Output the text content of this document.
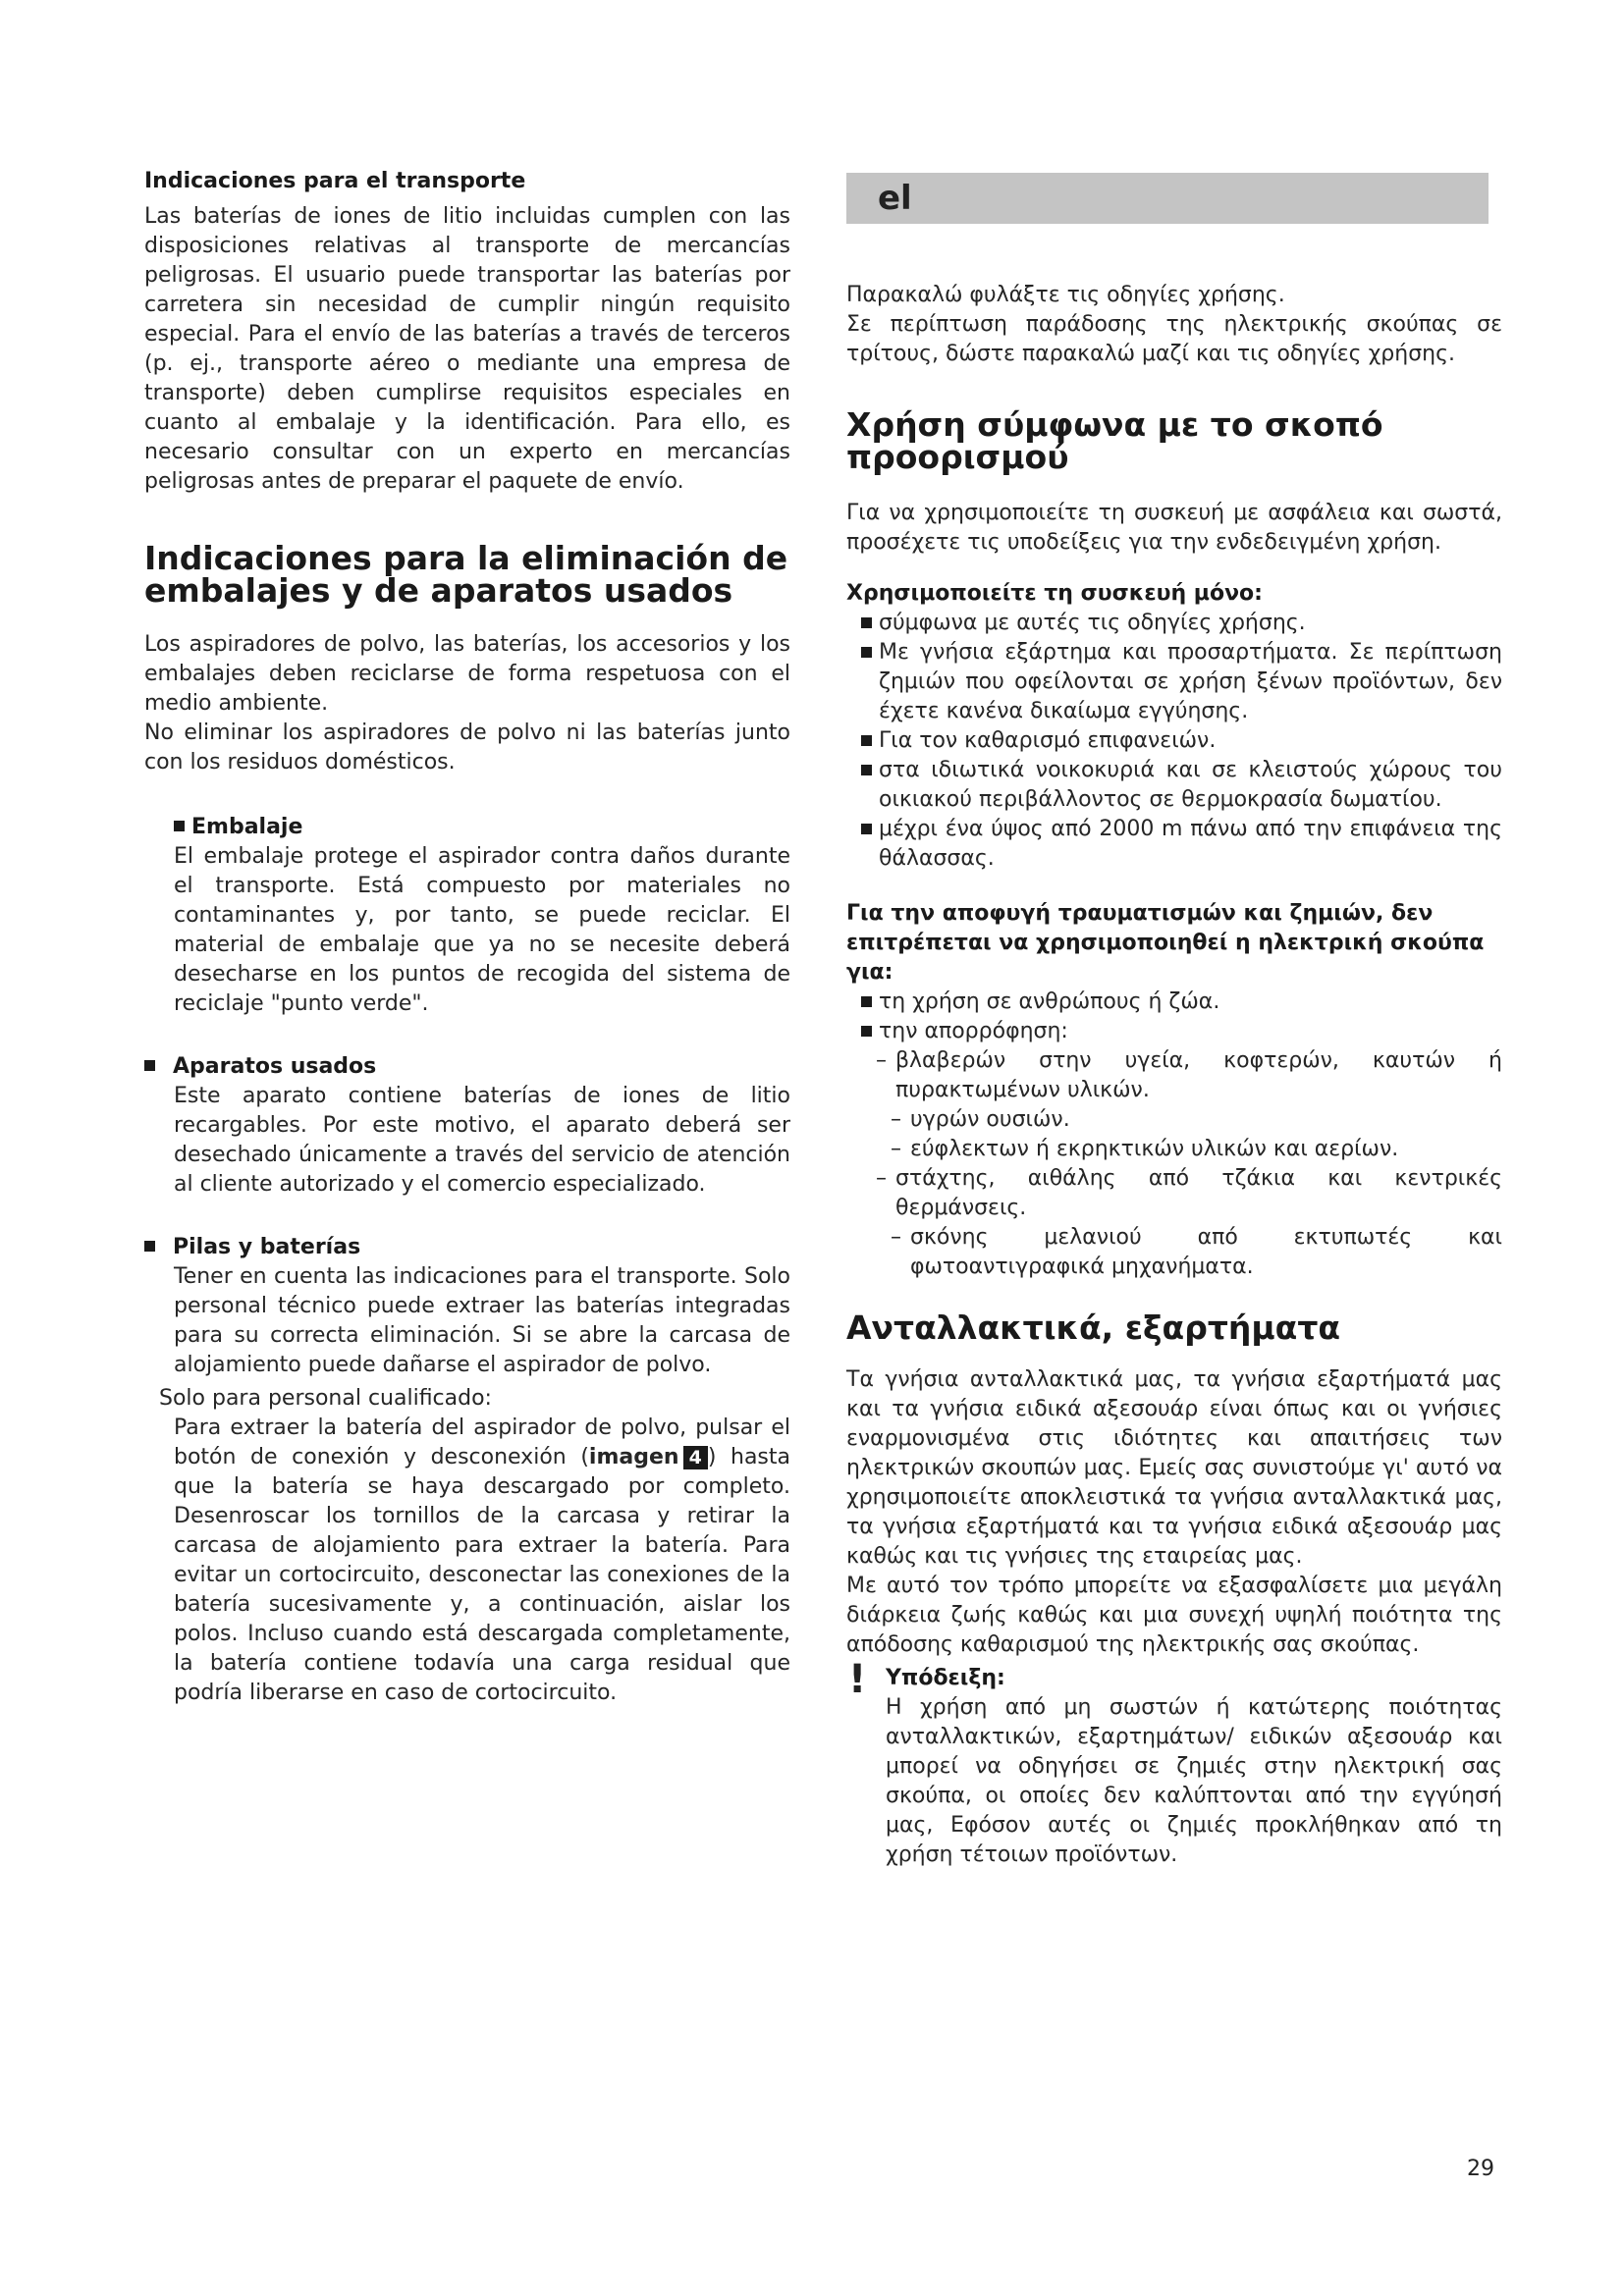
Indicaciones para el transporte

Las baterías de iones de litio incluidas cumplen con las disposiciones relativas al transporte de mercancías peligrosas. El usuario puede transportar las baterías por carretera sin necesidad de cumplir ningún requisito especial. Para el envío de las baterías a través de terceros (p. ej., transporte aéreo o mediante una empresa de transporte) deben cumplirse requisitos especiales en cuanto al embalaje y la identificación. Para ello, es necesario consultar con un experto en mercancías peligrosas antes de preparar el paquete de envío.

Indicaciones para la eliminación de embalajes y de aparatos usados

Los aspiradores de polvo, las baterías, los accesorios y los embalajes deben reciclarse de forma respetuosa con el medio ambiente.

No eliminar los aspiradores de polvo ni las baterías junto con los residuos domésticos.

Embalaje

El embalaje protege el aspirador contra daños durante el transporte. Está compuesto por materiales no contaminantes y, por tanto, se puede reciclar. El material de embalaje que ya no se necesite deberá desecharse en los puntos de recogida del sistema de reciclaje "punto verde".

Aparatos usados

Este aparato contiene baterías de iones de litio recargables. Por este motivo, el aparato deberá ser desechado únicamente a través del servicio de atención al cliente autorizado y el comercio especializado.

Pilas y baterías

Tener en cuenta las indicaciones para el transporte. Solo personal técnico puede extraer las baterías integradas para su correcta eliminación. Si se abre la carcasa de alojamiento puede dañarse el aspirador de polvo.

Solo para personal cualificado:

Para extraer la batería del aspirador de polvo, pulsar el botón de conexión y desconexión (imagen 4 ) hasta que la batería se haya descargado por completo. Desenroscar los tornillos de la carcasa y retirar la carcasa de alojamiento para extraer la batería. Para evitar un cortocircuito, desconectar las conexiones de la batería sucesivamente y, a continuación, aislar los polos. Incluso cuando está descargada completamente, la batería contiene todavía una carga residual que podría liberarse en caso de cortocircuito.

el

Παρακαλώ φυλάξτε τις οδηγίες χρήσης.

Σε περίπτωση παράδοσης της ηλεκτρικής σκούπας σε τρίτους, δώστε παρακαλώ μαζί και τις οδηγίες χρήσης.

Χρήση σύμφωνα με το σκοπό προορισμού

Για να χρησιμοποιείτε τη συσκευή με ασφάλεια και σωστά, προσέχετε τις υποδείξεις για την ενδεδειγμένη χρήση.

Χρησιμοποιείτε τη συσκευή μόνο:

σύμφωνα με αυτές τις οδηγίες χρήσης.

Με γνήσια εξάρτημα και προσαρτήματα. Σε περίπτωση ζημιών που οφείλονται σε χρήση ξένων προϊόντων, δεν έχετε κανένα δικαίωμα εγγύησης.

Για τον καθαρισμό επιφανειών.

στα ιδιωτικά νοικοκυριά και σε κλειστούς χώρους του οικιακού περιβάλλοντος σε θερμοκρασία δωματίου.

μέχρι ένα ύψος από 2000 m πάνω από την επιφάνεια της θάλασσας.

Για την αποφυγή τραυματισμών και ζημιών, δεν επιτρέπεται να χρησιμοποιηθεί η ηλεκτρική σκούπα για:

τη χρήση σε ανθρώπους ή ζώα.

την απορρόφηση:

– βλαβερών στην υγεία, κοφτερών, καυτών ή πυρακτωμένων υλικών.

– υγρών ουσιών.

– εύφλεκτων ή εκρηκτικών υλικών και αερίων.

– στάχτης, αιθάλης από τζάκια και κεντρικές θερμάνσεις.

– σκόνης μελανιού από εκτυπωτές και φωτοαντιγραφικά μηχανήματα.

Ανταλλακτικά, εξαρτήματα

Τα γνήσια ανταλλακτικά μας, τα γνήσια εξαρτήματά μας και τα γνήσια ειδικά αξεσουάρ είναι όπως και οι γνήσιες εναρμονισμένα στις ιδιότητες και απαιτήσεις των ηλεκτρικών σκουπών μας. Εμείς σας συνιστούμε γι' αυτό να χρησιμοποιείτε αποκλειστικά τα γνήσια ανταλλακτικά μας, τα γνήσια εξαρτήματά και τα γνήσια ειδικά αξεσουάρ μας καθώς και τις γνήσιες της εταιρείας μας.

Με αυτό τον τρόπο μπορείτε να εξασφαλίσετε μια μεγάλη διάρκεια ζωής καθώς και μια συνεχή υψηλή ποιότητα της απόδοσης καθαρισμού της ηλεκτρικής σας σκούπας.

! Υπόδειξη:

Η χρήση από μη σωστών ή κατώτερης ποιότητας ανταλλακτικών, εξαρτημάτων/ ειδικών αξεσουάρ και μπορεί να οδηγήσει σε ζημιές στην ηλεκτρική σας σκούπα, οι οποίες δεν καλύπτονται από την εγγύησή μας, Εφόσον αυτές οι ζημιές προκλήθηκαν από τη χρήση τέτοιων προϊόντων.

29
